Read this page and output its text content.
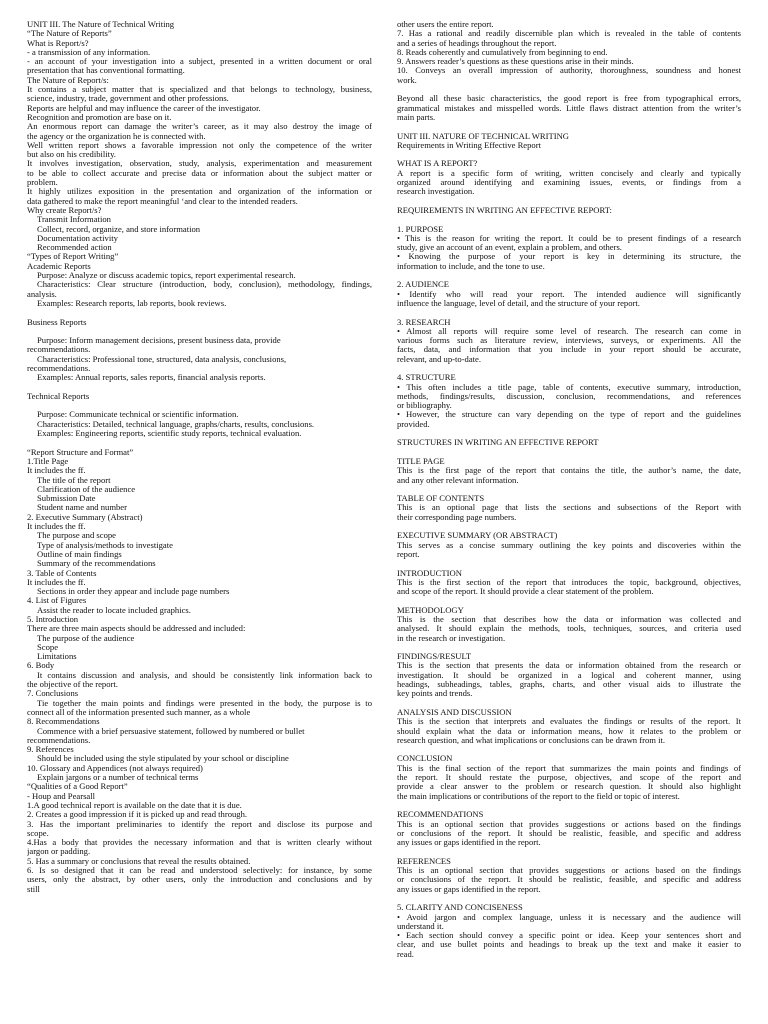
UNIT III. The Nature of Technical Writing
“The Nature of Reports”
What is Report/s?
- a transmission of any information.
- an account of your investigation into a subject, presented in a written document or oral
presentation that has conventional formatting.
The Nature of Report/s:
It contains a subject matter that is specialized and that belongs to technology, business,
science, industry, trade, government and other professions.
Reports are helpful and may influence the career of the investigator.
Recognition and promotion are base on it.
An enormous report can damage the writer’s career, as it may also destroy the image of
the agency or the organization he is connected with.
Well written report shows a favorable impression not only the competence of the writer
but also on his credibility.
It involves investigation, observation, study, analysis, experimentation and measurement
to be able to collect accurate and precise data or information about the subject matter or
problem.
It highly utilizes exposition in the presentation and organization of the information or
data gathered to make the report meaningful ‘and clear to the intended readers.
Why create Report/s?
Transmit Information
Collect, record, organize, and store information
Documentation activity
Recommended action
“Types of Report Writing”
Academic Reports
Purpose: Analyze or discuss academic topics, report experimental research.
Characteristics: Clear structure (introduction, body, conclusion), methodology, findings,
analysis.
Examples: Research reports, lab reports, book reviews.
Business Reports
Purpose: Inform management decisions, present business data, provide
recommendations.
Characteristics: Professional tone, structured, data analysis, conclusions,
recommendations.
Examples: Annual reports, sales reports, financial analysis reports.
Technical Reports
Purpose: Communicate technical or scientific information.
Characteristics: Detailed, technical language, graphs/charts, results, conclusions.
Examples: Engineering reports, scientific study reports, technical evaluation.
“Report Structure and Format”
1.Title Page
It includes the ff.
The title of the report
Clarification of the audience
Submission Date
Student name and number
2. Executive Summary (Abstract)
It includes the ff.
The purpose and scope
Type of analysis/methods to investigate
Outline of main findings
Summary of the recommendations
3. Table of Contents
It includes the ff.
Sections in order they appear and include page numbers
4. List of Figures
Assist the reader to locate included graphics.
5. Introduction
There are three main aspects should be addressed and included:
The purpose of the audience
Scope
Limitations
6. Body
It contains discussion and analysis, and should be consistently link information back to
the objective of the report.
7. Conclusions
Tie together the main points and findings were presented in the body, the purpose is to
connect all of the information presented such manner, as a whole
8. Recommendations
Commence with a brief persuasive statement, followed by numbered or bullet
recommendations.
9. References
Should be included using the style stipulated by your school or discipline
10. Glossary and Appendices (not always required)
Explain jargons or a number of technical terms
“Qualities of a Good Report”
- Houp and Pearsall
1.A good technical report is available on the date that it is due.
2. Creates a good impression if it is picked up and read through.
3. Has the important preliminaries to identify the report and disclose its purpose and
scope.
4.Has a body that provides the necessary information and that is written clearly without
jargon or padding.
5. Has a summary or conclusions that reveal the results obtained.
6. Is so designed that it can be read and understood selectively: for instance, by some
users, only the abstract, by other users, only the introduction and conclusions and by
still
other users the entire report.
7. Has a rational and readily discernible plan which is revealed in the table of contents
and a series of headings throughout the report.
8. Reads coherently and cumulatively from beginning to end.
9. Answers reader’s questions as these questions arise in their minds.
10. Conveys an overall impression of authority, thoroughness, soundness and honest
work.
Beyond all these basic characteristics, the good report is free from typographical errors,
grammatical mistakes and misspelled words. Little flaws distract attention from the writer’s
main parts.
UNIT III. NATURE OF TECHNICAL WRITING
Requirements in Writing Effective Report
WHAT IS A REPORT?
A report is a specific form of writing, written concisely and clearly and typically
organized around identifying and examining issues, events, or findings from a
research investigation.
REQUIREMENTS IN WRITING AN EFFECTIVE REPORT:
1. PURPOSE
• This is the reason for writing the report. It could be to present findings of a research
study, give an account of an event, explain a problem, and others.
• Knowing the purpose of your report is key in determining its structure, the
information to include, and the tone to use.
2. AUDIENCE
• Identify who will read your report. The intended audience will significantly
influence the language, level of detail, and the structure of your report.
3. RESEARCH
• Almost all reports will require some level of research. The research can come in
various forms such as literature review, interviews, surveys, or experiments. All the
facts, data, and information that you include in your report should be accurate,
relevant, and up-to-date.
4. STRUCTURE
• This often includes a title page, table of contents, executive summary, introduction,
methods, findings/results, discussion, conclusion, recommendations, and references
or bibliography.
• However, the structure can vary depending on the type of report and the guidelines
provided.
STRUCTURES IN WRITING AN EFFECTIVE REPORT
TITLE PAGE
This is the first page of the report that contains the title, the author’s name, the date,
and any other relevant information.
TABLE OF CONTENTS
This is an optional page that lists the sections and subsections of the Report with
their corresponding page numbers.
EXECUTIVE SUMMARY (OR ABSTRACT)
This serves as a concise summary outlining the key points and discoveries within the
report.
INTRODUCTION
This is the first section of the report that introduces the topic, background, objectives,
and scope of the report. It should provide a clear statement of the problem.
METHODOLOGY
This is the section that describes how the data or information was collected and
analysed. It should explain the methods, tools, techniques, sources, and criteria used
in the research or investigation.
FINDINGS/RESULT
This is the section that presents the data or information obtained from the research or
investigation. It should be organized in a logical and coherent manner, using
headings, subheadings, tables, graphs, charts, and other visual aids to illustrate the
key points and trends.
ANALYSIS AND DISCUSSION
This is the section that interprets and evaluates the findings or results of the report. It
should explain what the data or information means, how it relates to the problem or
research question, and what implications or conclusions can be drawn from it.
CONCLUSION
This is the final section of the report that summarizes the main points and findings of
the report. It should restate the purpose, objectives, and scope of the report and
provide a clear answer to the problem or research question. It should also highlight
the main implications or contributions of the report to the field or topic of interest.
RECOMMENDATIONS
This is an optional section that provides suggestions or actions based on the findings
or conclusions of the report. It should be realistic, feasible, and specific and address
any issues or gaps identified in the report.
REFERENCES
This is an optional section that provides suggestions or actions based on the findings
or conclusions of the report. It should be realistic, feasible, and specific and address
any issues or gaps identified in the report.
5. CLARITY AND CONCISENESS
• Avoid jargon and complex language, unless it is necessary and the audience will
understand it.
• Each section should convey a specific point or idea. Keep your sentences short and
clear, and use bullet points and headings to break up the text and make it easier to
read.
